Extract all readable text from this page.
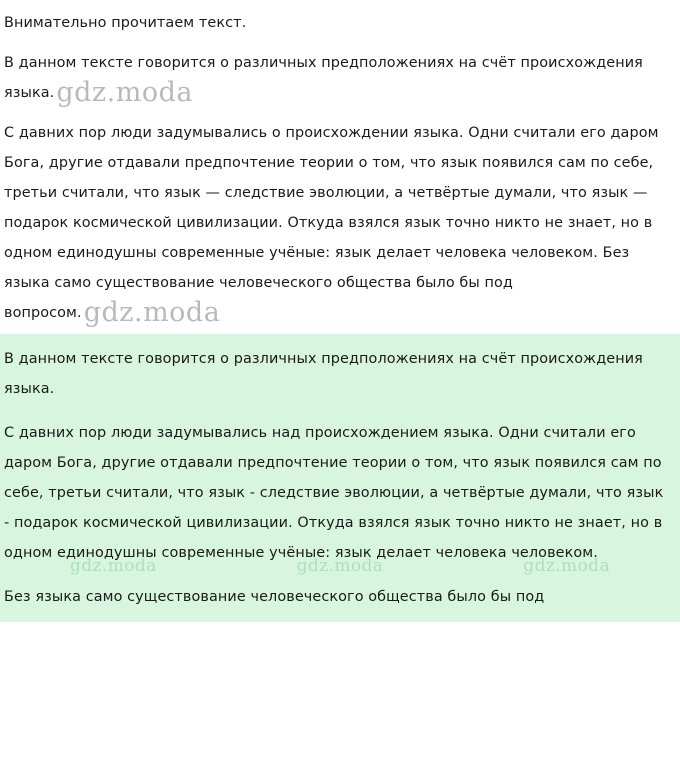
Внимательно прочитаем текст.

В данном тексте говорится о различных предположениях на счёт происхождения языка.gdz.moda

С давних пор люди задумывались о происхождении языка. Одни считали его даром Бога, другие отдавали предпочтение теории о том, что язык появился сам по себе, третьи считали, что язык — следствие эволюции, а четвёртые думали, что язык — подарок космической цивилизации. Откуда взялся язык точно никто не знает, но в одном единодушны современные учёные: язык делает человека человеком. Без языка само существование человеческого общества было бы под вопросом.gdz.moda

gdz.moda	gdz.moda	gdz.moda

В данном тексте говорится о различных предположениях на счёт происхождения языка.

С давних пор люди задумывались над происхождением языка. Одни считали его даром Бога, другие отдавали предпочтение теории о том, что язык появился сам по себе, третьи считали, что язык - следствие эволюции, а четвёртые думали, что язык - подарок космической цивилизации. Откуда взялся язык точно никто не знает, но в одном единодушны современные учёные: язык делает человека человеком.

Без языка само существование человеческого общества было бы под
